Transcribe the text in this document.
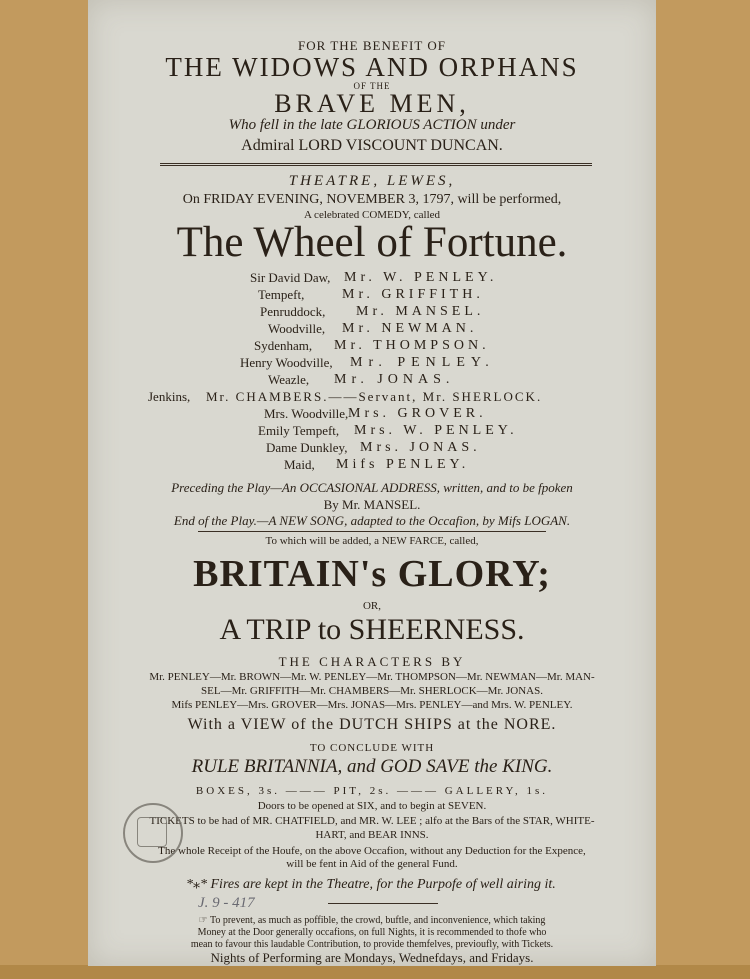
FOR THE BENEFIT OF
THE WIDOWS AND ORPHANS
OF THE
BRAVE MEN,
Who fell in the late GLORIOUS ACTION under
Admiral LORD VISCOUNT DUNCAN.
THEATRE, LEWES,
On FRIDAY EVENING, NOVEMBER 3, 1797, will be performed,
A celebrated COMEDY, called
The Wheel of Fortune.
Sir David Daw, Mr. W. PENLEY.
Tempeft,	Mr. GRIFFITH.
Penruddock, Mr. MANSEL.
Woodville, Mr. NEWMAN.
Sydenham, Mr. THOMPSON.
Henry Woodville, Mr. PENLEY.
Weazle, Mr. JONAS.
Jenkins, Mr. CHAMBERS.——Servant, Mr. SHERLOCK.
Mrs. Woodville, Mrs. GROVER.
Emily Tempeft, Mrs. W. PENLEY.
Dame Dunkley, Mrs. JONAS.
Maid, Mifs PENLEY.
Preceding the Play—An OCCASIONAL ADDRESS, written, and to be fpoken
By Mr. MANSEL.
End of the Play.—A NEW SONG, adapted to the Occafion, by Mifs LOGAN.
To which will be added, a NEW FARCE, called,
BRITAIN's GLORY;
OR,
A TRIP to SHEERNESS.
THE CHARACTERS BY
Mr. PENLEY—Mr. BROWN—Mr. W. PENLEY—Mr. THOMPSON—Mr. NEWMAN—Mr. MAN-
SEL—Mr. GRIFFITH—Mr. CHAMBERS—Mr. SHERLOCK—Mr. JONAS.
Mifs PENLEY—Mrs. GROVER—Mrs. JONAS—Mrs. PENLEY—and Mrs. W. PENLEY.
With a VIEW of the DUTCH SHIPS at the NORE.
TO CONCLUDE WITH
RULE BRITANNIA, and GOD SAVE the KING.
BOXES, 3s. ——— PIT, 2s. ——— GALLERY, 1s.
Doors to be opened at SIX, and to begin at SEVEN.
TICKETS to be had of MR. CHATFIELD, and MR. W. LEE ; alfo at the Bars of the STAR, WHITE-
HART, and BEAR INNS.
The whole Receipt of the Houfe, on the above Occafion, without any Deduction for the Expence,
will be fent in Aid of the general Fund.
*⁎* Fires are kept in the Theatre, for the Purpofe of well airing it.
J. 9 - 417
☞ To prevent, as much as poffible, the crowd, buftle, and inconvenience, which taking
Money at the Door generally occafions, on full Nights, it is recommended to thofe who
mean to favour this laudable Contribution, to provide themfelves, previoufly, with Tickets.
Nights of Performing are Mondays, Wednefdays, and Fridays.
